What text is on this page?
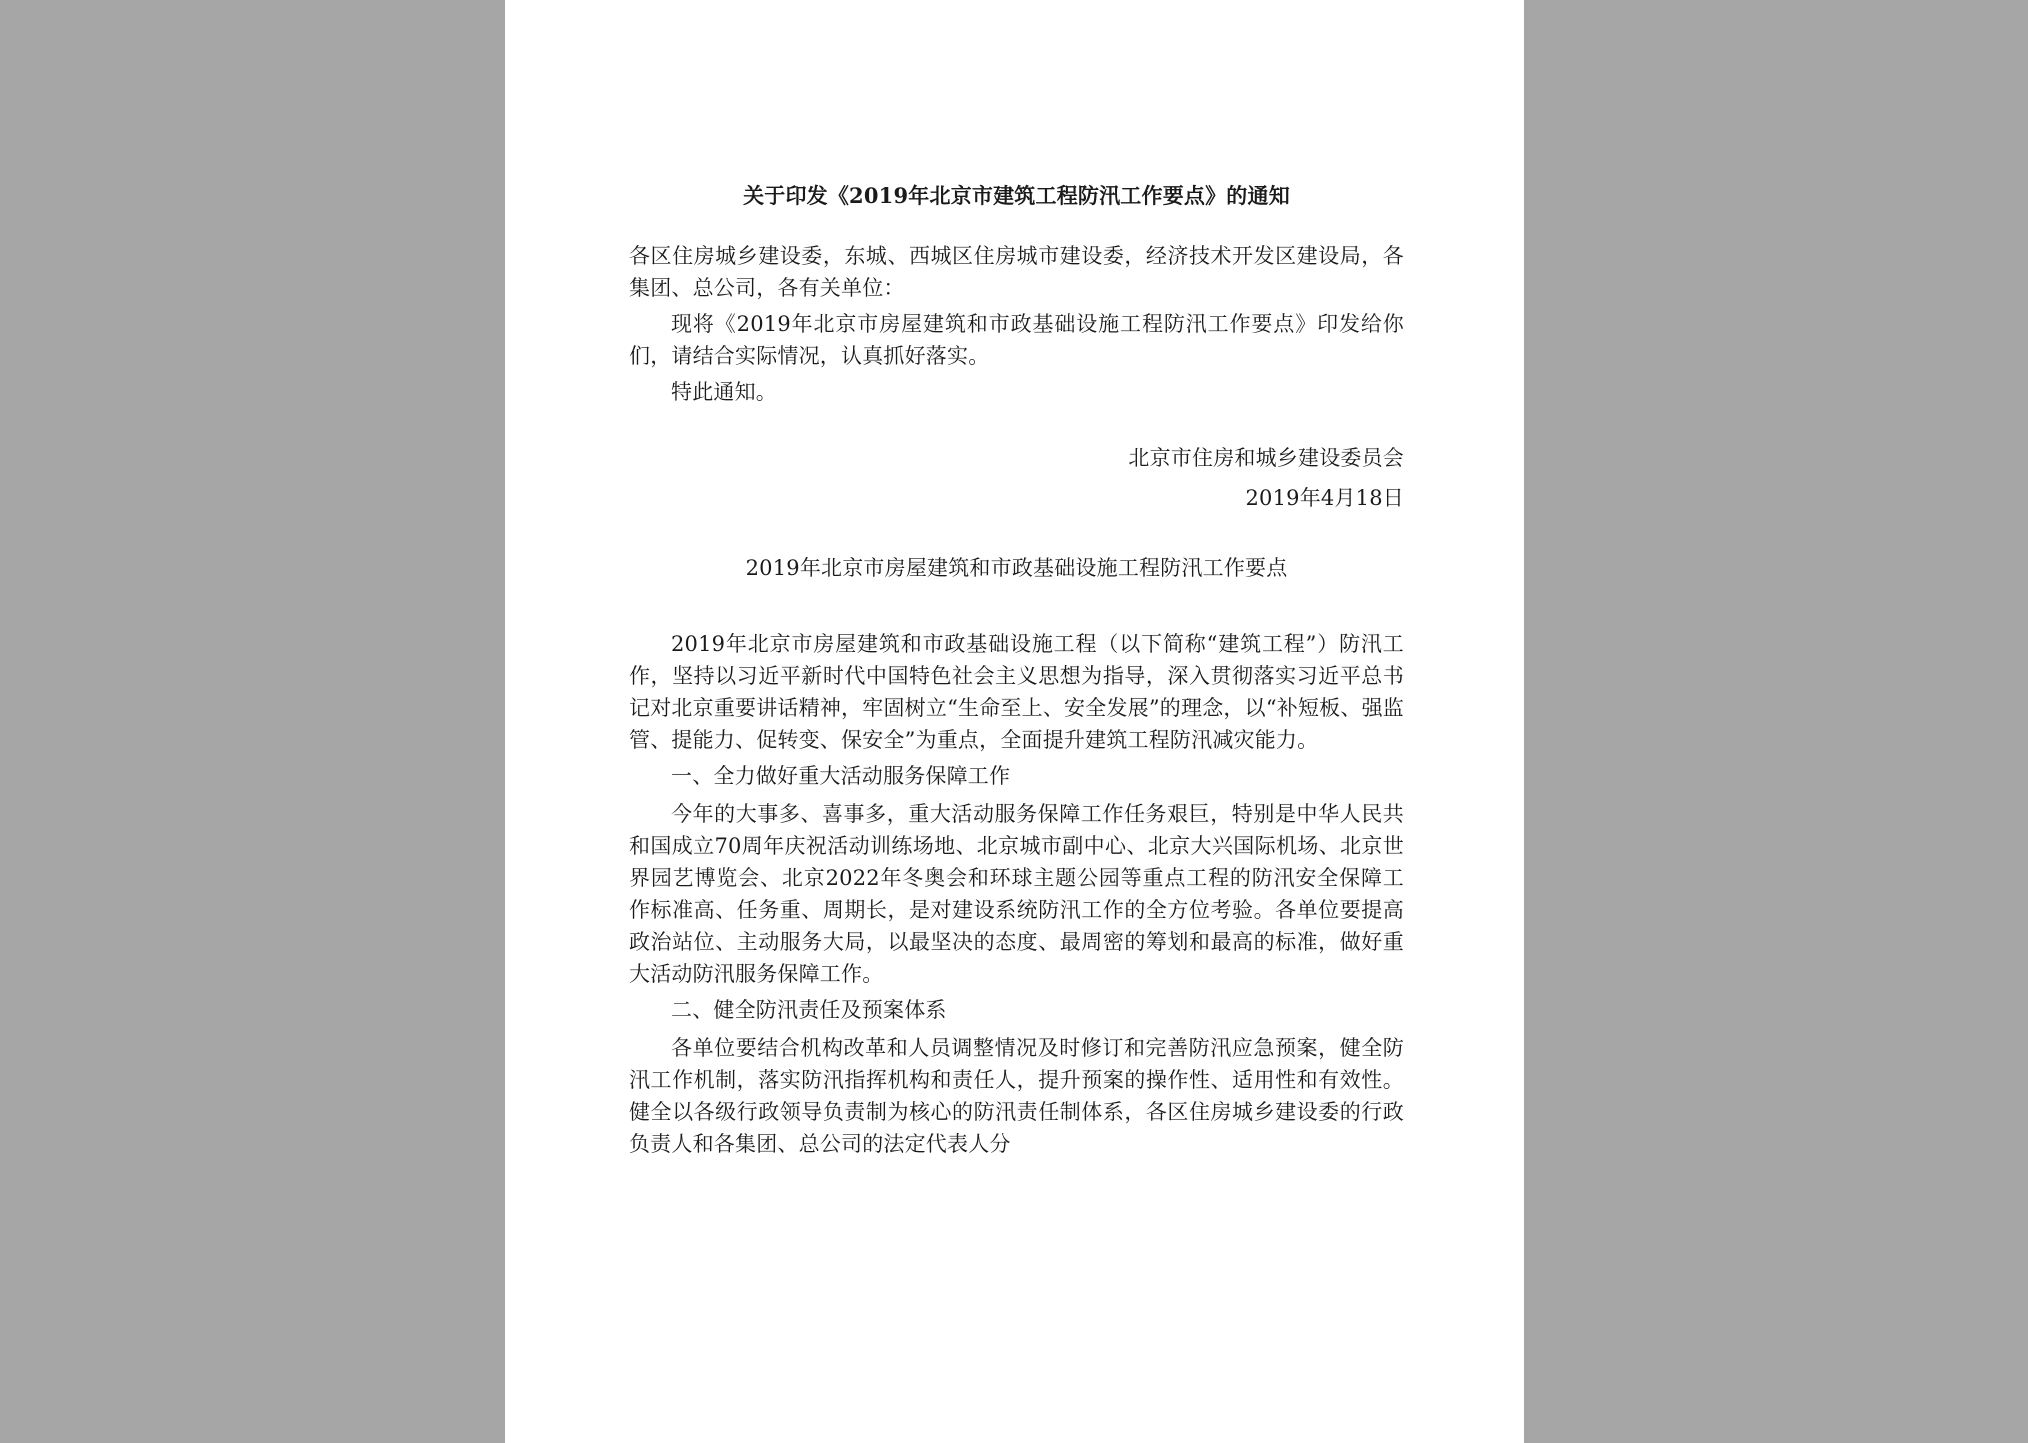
关于印发《2019年北京市建筑工程防汛工作要点》的通知

各区住房城乡建设委，东城、西城区住房城市建设委，经济技术开发区建设局，各集团、总公司，各有关单位：

现将《2019年北京市房屋建筑和市政基础设施工程防汛工作要点》印发给你们，请结合实际情况，认真抓好落实。

特此通知。

北京市住房和城乡建设委员会

2019年4月18日

2019年北京市房屋建筑和市政基础设施工程防汛工作要点

2019年北京市房屋建筑和市政基础设施工程（以下简称“建筑工程”）防汛工作，坚持以习近平新时代中国特色社会主义思想为指导，深入贯彻落实习近平总书记对北京重要讲话精神，牢固树立“生命至上、安全发展”的理念，以“补短板、强监管、提能力、促转变、保安全”为重点，全面提升建筑工程防汛减灾能力。

一、全力做好重大活动服务保障工作

今年的大事多、喜事多，重大活动服务保障工作任务艰巨，特别是中华人民共和国成立70周年庆祝活动训练场地、北京城市副中心、北京大兴国际机场、北京世界园艺博览会、北京2022年冬奥会和环球主题公园等重点工程的防汛安全保障工作标准高、任务重、周期长，是对建设系统防汛工作的全方位考验。各单位要提高政治站位、主动服务大局，以最坚决的态度、最周密的筹划和最高的标准，做好重大活动防汛服务保障工作。

二、健全防汛责任及预案体系

各单位要结合机构改革和人员调整情况及时修订和完善防汛应急预案，健全防汛工作机制，落实防汛指挥机构和责任人，提升预案的操作性、适用性和有效性。健全以各级行政领导负责制为核心的防汛责任制体系，各区住房城乡建设委的行政负责人和各集团、总公司的法定代表人分
